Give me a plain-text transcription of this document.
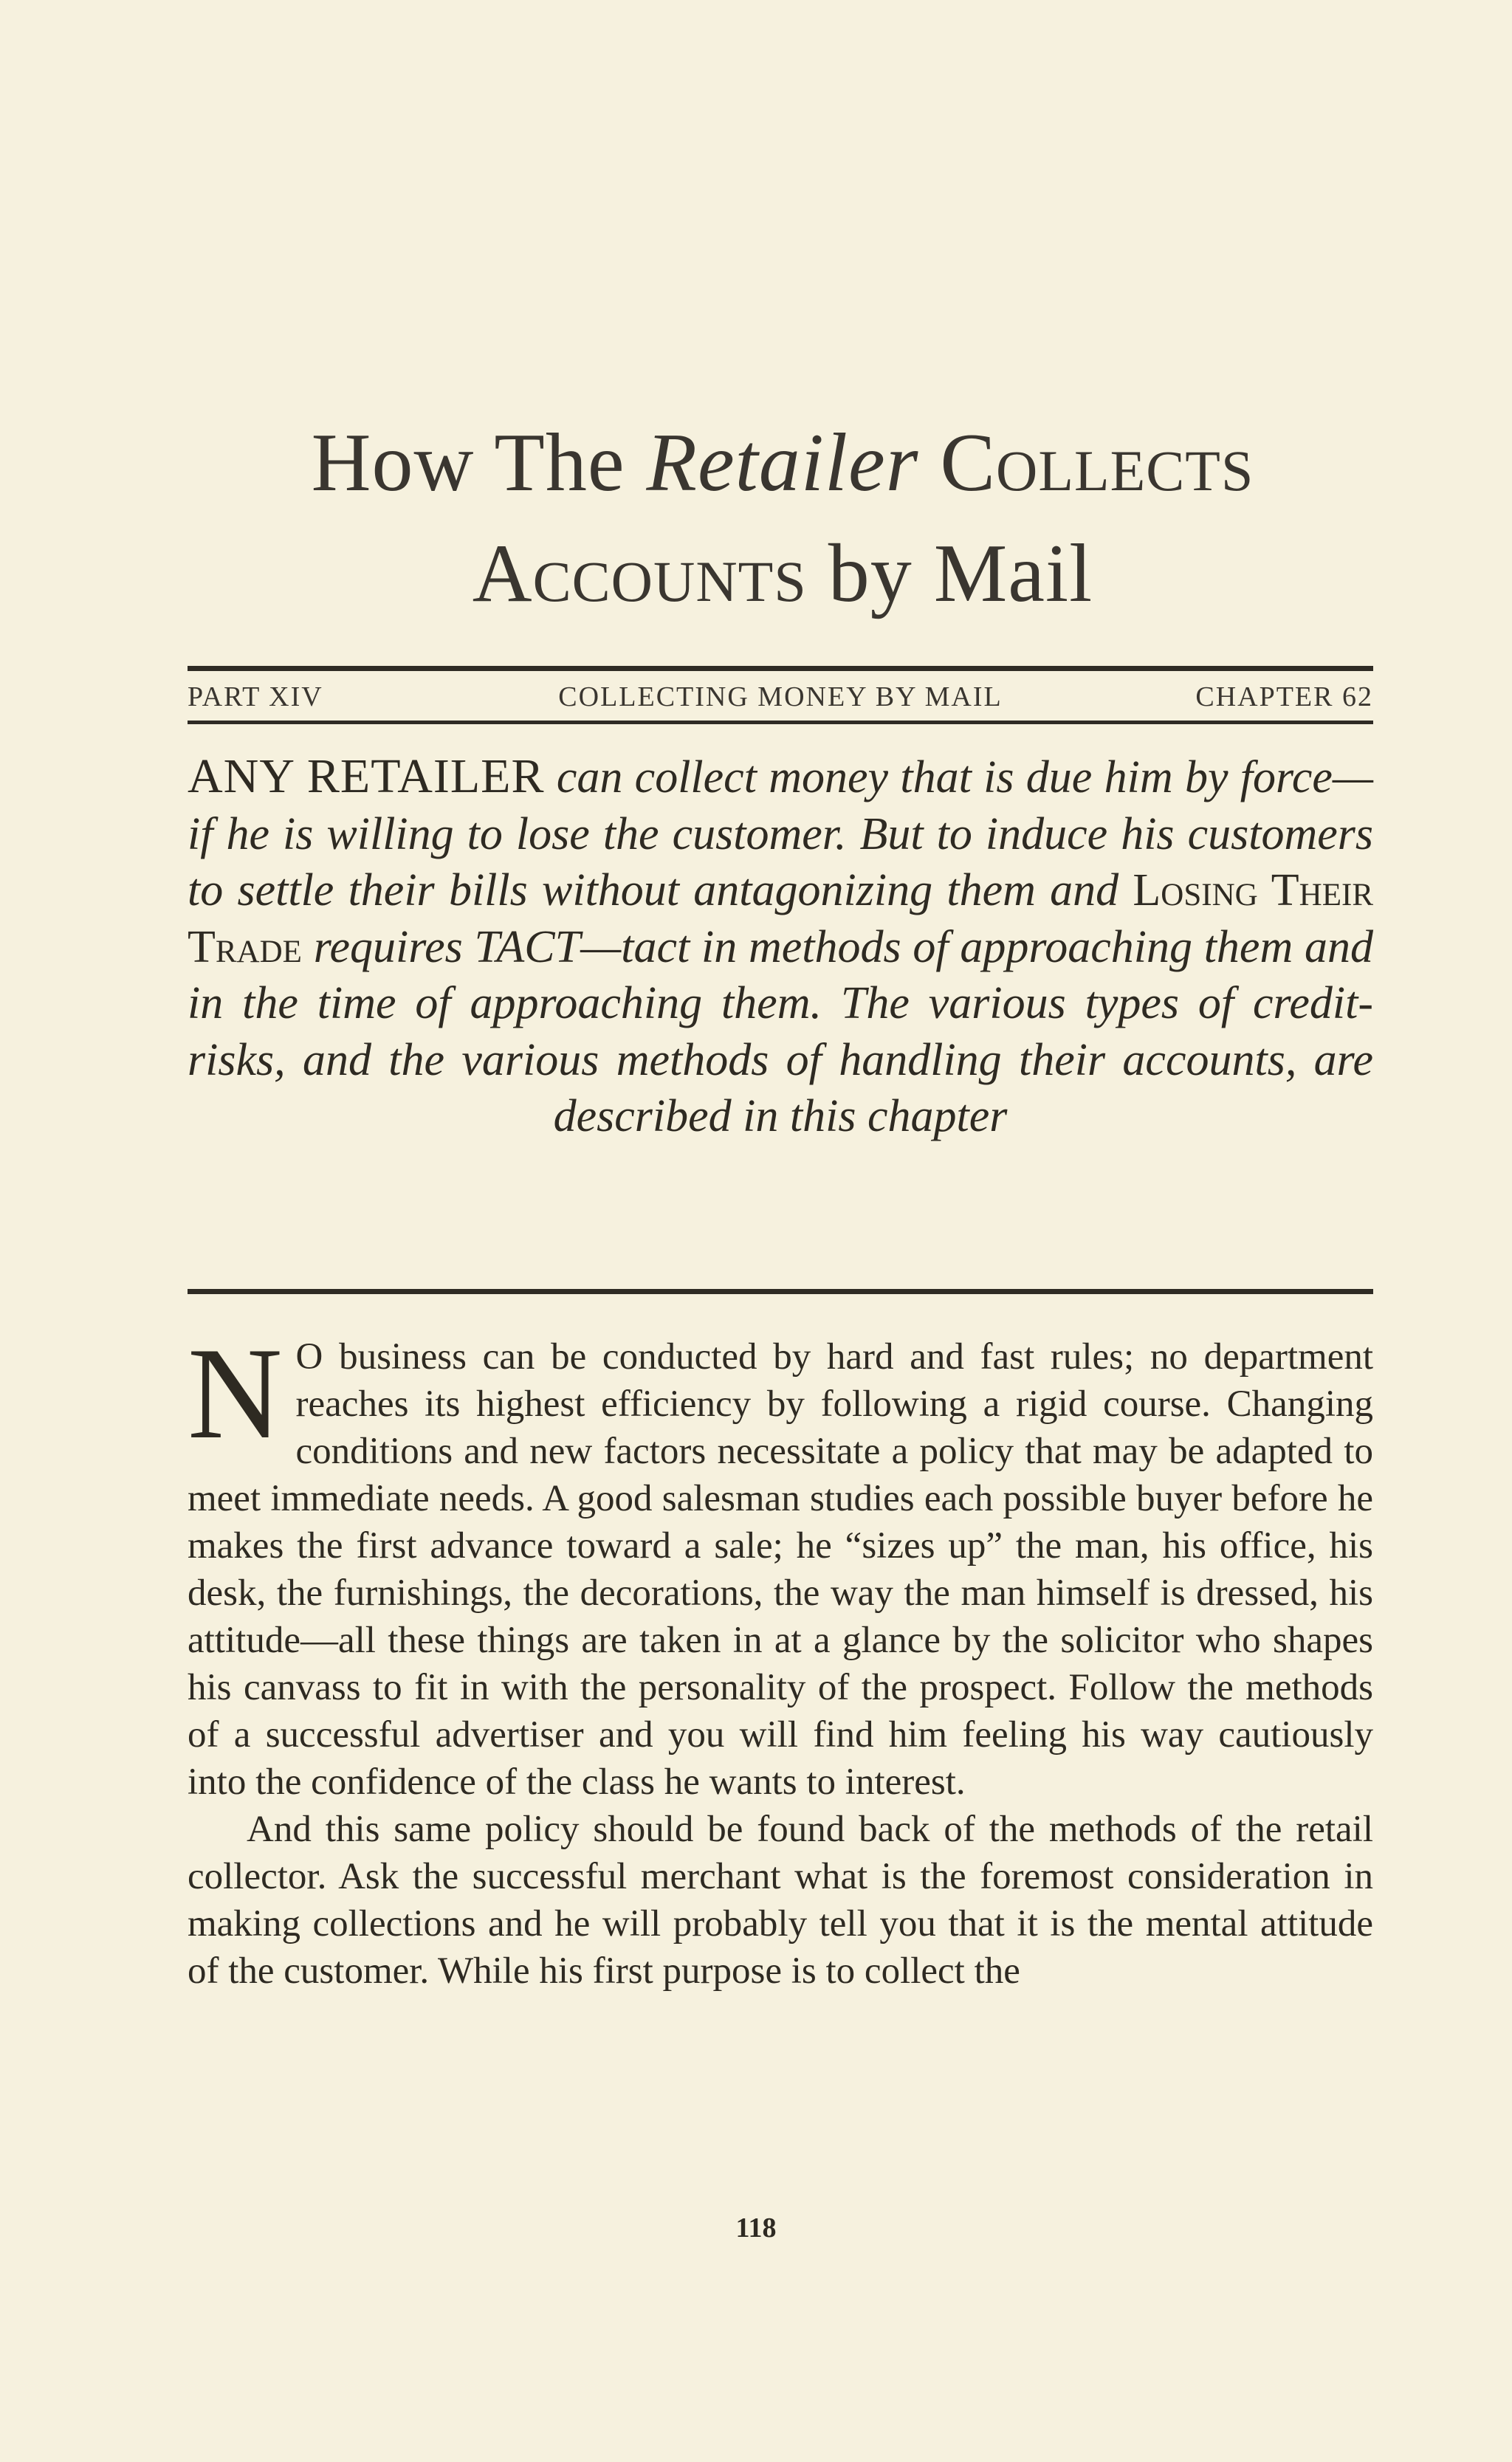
How The Retailer Collects
Accounts by Mail
PART XIV	COLLECTING MONEY BY MAIL	CHAPTER 62
ANY RETAILER can collect money that is due him by force—if he is willing to lose the customer. But to induce his customers to settle their bills without antagonizing them and Losing Their Trade requires TACT—tact in methods of approaching them and in the time of approaching them. The various types of credit-risks, and the various methods of handling their accounts, are described in this chapter

N O business can be conducted by hard and fast rules; no department reaches its highest efficiency by following a rigid course. Changing conditions and new factors necessitate a policy that may be adapted to meet immediate needs. A good salesman studies each possible buyer before he makes the first advance toward a sale; he “sizes up” the man, his office, his desk, the furnishings, the decorations, the way the man himself is dressed, his attitude—all these things are taken in at a glance by the solicitor who shapes his canvass to fit in with the personality of the prospect. Follow the methods of a successful advertiser and you will find him feeling his way cautiously into the confidence of the class he wants to interest.

And this same policy should be found back of the methods of the retail collector. Ask the successful merchant what is the foremost consideration in making collections and he will probably tell you that it is the mental attitude of the customer. While his first purpose is to collect the

118
